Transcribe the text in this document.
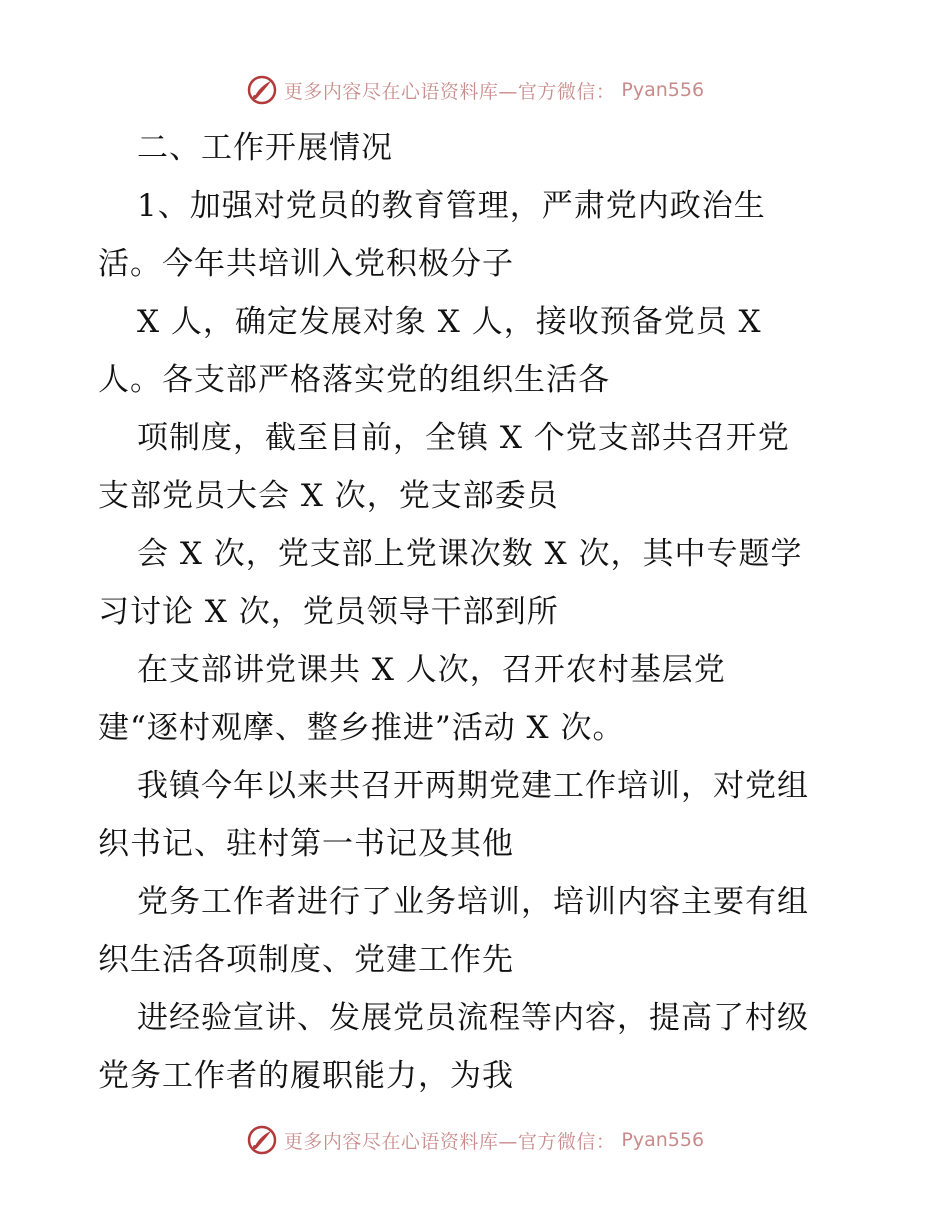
更多内容尽在心语资料库—官方微信： Pyan556
二、工作开展情况
1、加强对党员的教育管理，严肃党内政治生
活。今年共培训入党积极分子
X 人，确定发展对象 X 人，接收预备党员 X
人。各支部严格落实党的组织生活各
项制度，截至目前，全镇 X 个党支部共召开党
支部党员大会 X 次，党支部委员
会 X 次，党支部上党课次数 X 次，其中专题学
习讨论 X 次，党员领导干部到所
在支部讲党课共 X 人次，召开农村基层党
建“逐村观摩、整乡推进”活动 X 次。
我镇今年以来共召开两期党建工作培训，对党组
织书记、驻村第一书记及其他
党务工作者进行了业务培训，培训内容主要有组
织生活各项制度、党建工作先
进经验宣讲、发展党员流程等内容，提高了村级
党务工作者的履职能力，为我
更多内容尽在心语资料库—官方微信： Pyan556
